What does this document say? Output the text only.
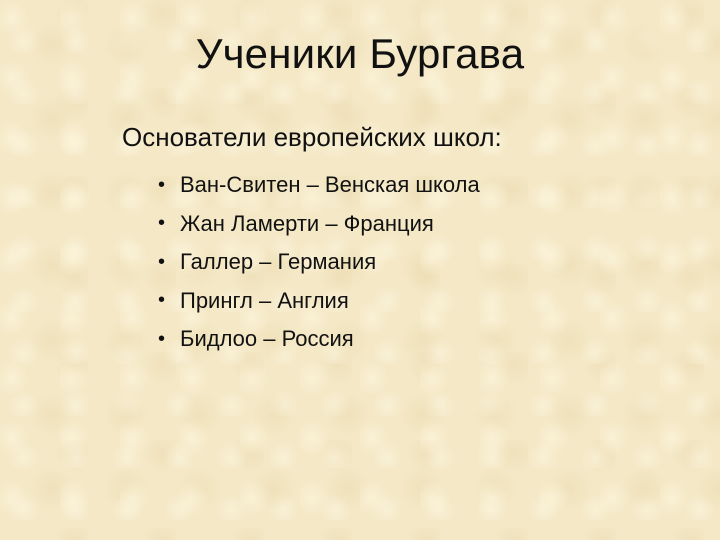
Ученики Бургава

Основатели европейских школ:

• Ван-Свитен – Венская школа
• Жан Ламерти – Франция
• Галлер – Германия
• Прингл – Англия
• Бидлоо – Россия
